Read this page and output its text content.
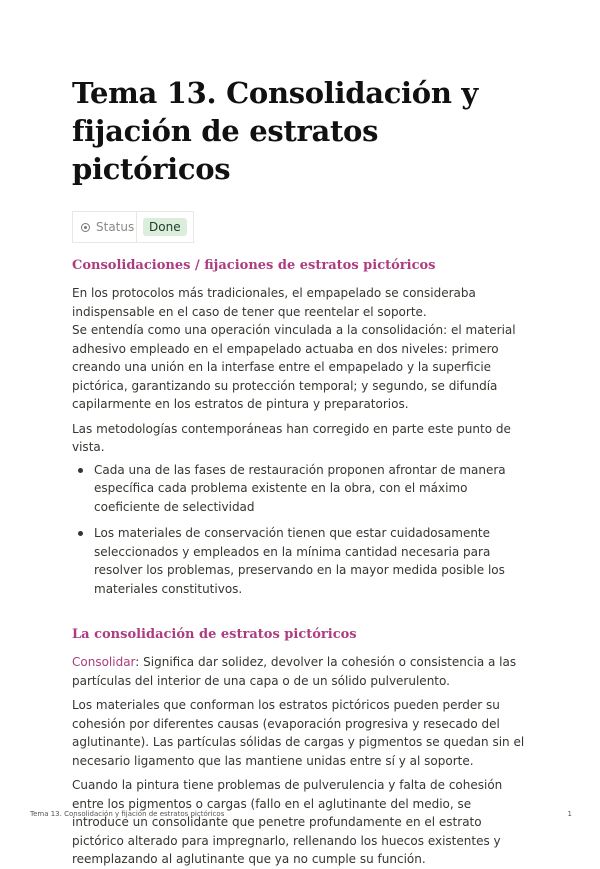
Tema 13. Consolidación y fijación de estratos pictóricos
Status	Done
Consolidaciones / fijaciones de estratos pictóricos

En los protocolos más tradicionales, el empapelado se consideraba indispensable en el caso de tener que reentelar el soporte.

Se entendía como una operación vinculada a la consolidación: el material adhesivo empleado en el empapelado actuaba en dos niveles: primero creando una unión en la interfase entre el empapelado y la superficie pictórica, garantizando su protección temporal; y segundo, se difundía capilarmente en los estratos de pintura y preparatorios.

Las metodologías contemporáneas han corregido en parte este punto de vista.

Cada una de las fases de restauración proponen afrontar de manera específica cada problema existente en la obra, con el máximo coeficiente de selectividad
Los materiales de conservación tienen que estar cuidadosamente seleccionados y empleados en la mínima cantidad necesaria para resolver los problemas, preservando en la mayor medida posible los materiales constitutivos.
La consolidación de estratos pictóricos

Consolidar: Significa dar solidez, devolver la cohesión o consistencia a las partículas del interior de una capa o de un sólido pulverulento.

Los materiales que conforman los estratos pictóricos pueden perder su cohesión por diferentes causas (evaporación progresiva y resecado del aglutinante). Las partículas sólidas de cargas y pigmentos se quedan sin el necesario ligamento que las mantiene unidas entre sí y al soporte.

Cuando la pintura tiene problemas de pulverulencia y falta de cohesión entre los pigmentos o cargas (fallo en el aglutinante del medio, se introduce un consolidante que penetre profundamente en el estrato pictórico alterado para impregnarlo, rellenando los huecos existentes y reemplazando al aglutinante que ya no cumple su función.

Tema 13. Consolidación y fijación de estratos pictóricos	1
